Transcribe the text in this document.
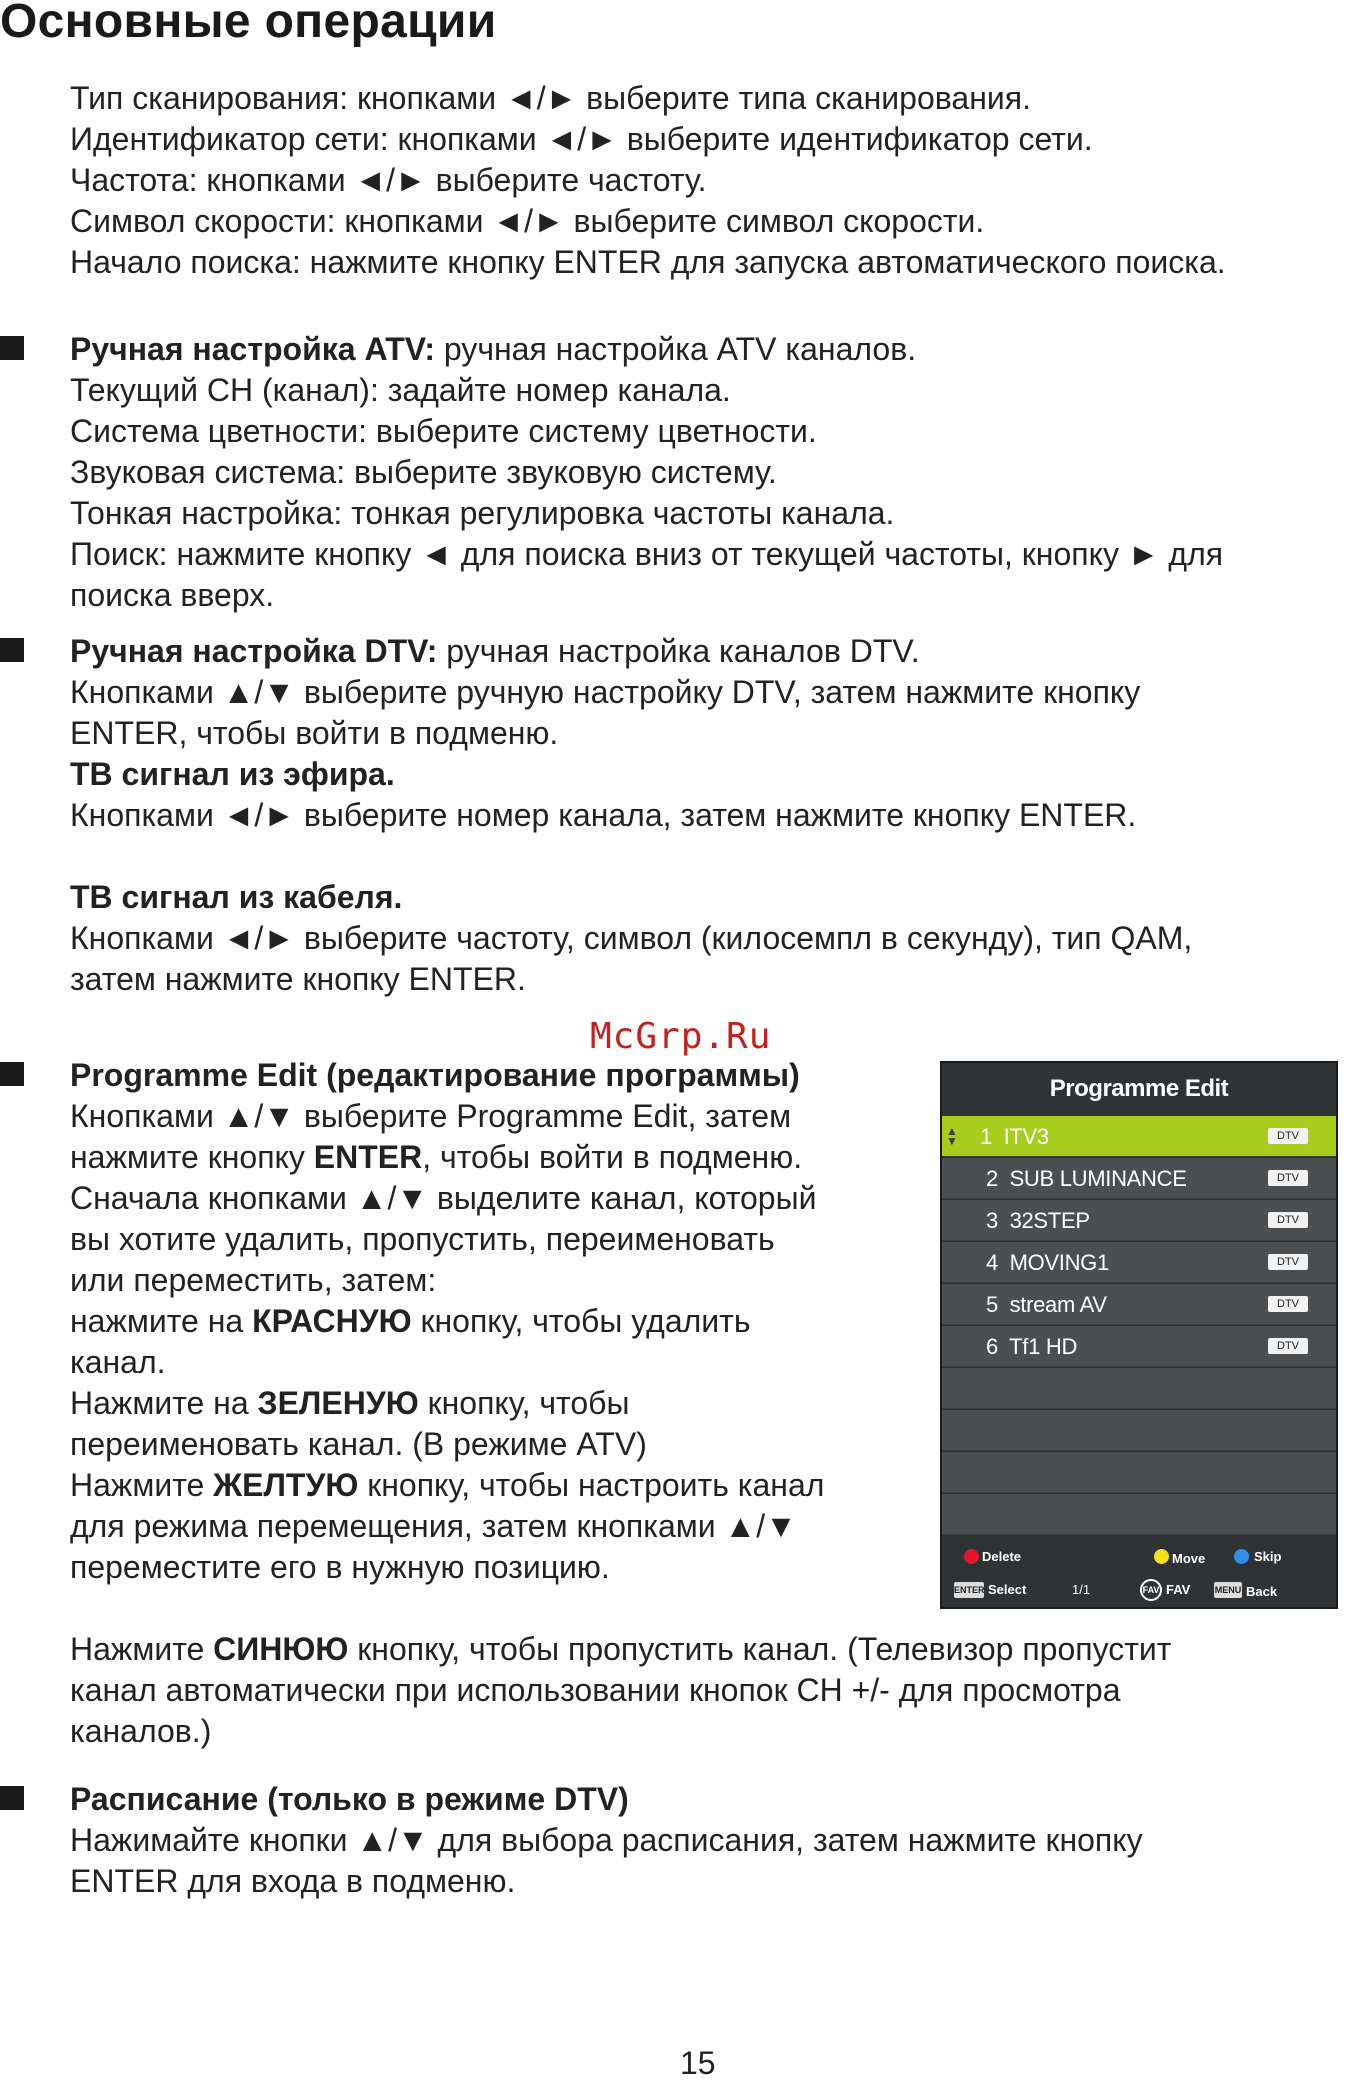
Основные операции
Тип сканирования: кнопками ◄/► выберите типа сканирования.
Идентификатор сети: кнопками ◄/► выберите идентификатор сети.
Частота: кнопками ◄/► выберите частоту.
Символ скорости: кнопками ◄/► выберите символ скорости.
Начало поиска: нажмите кнопку ENTER для запуска автоматического поиска.
Ручная настройка ATV: ручная настройка ATV каналов.
Текущий CH (канал): задайте номер канала.
Система цветности: выберите систему цветности.
Звуковая система: выберите звуковую систему.
Тонкая настройка: тонкая регулировка частоты канала.
Поиск: нажмите кнопку ◄ для поиска вниз от текущей частоты, кнопку ► для
поиска вверх.
Ручная настройка DTV: ручная настройка каналов DTV.
Кнопками ▲/▼ выберите ручную настройку DTV, затем нажмите кнопку
ENTER, чтобы войти в подменю.
ТВ сигнал из эфира.
Кнопками ◄/► выберите номер канала, затем нажмите кнопку ENTER.
ТВ сигнал из кабеля.
Кнопками ◄/► выберите частоту, символ (килосемпл в секунду), тип QAM,
затем нажмите кнопку ENTER.
McGrp.Ru
Programme Edit (редактирование программы)
Кнопками ▲/▼ выберите Programme Edit, затем
нажмите кнопку ENTER, чтобы войти в подменю.
Сначала кнопками ▲/▼ выделите канал, который
вы хотите удалить, пропустить, переименовать
или переместить, затем:
нажмите на КРАСНУЮ кнопку, чтобы удалить
канал.
Нажмите на ЗЕЛЕНУЮ кнопку, чтобы
переименовать канал. (В режиме ATV)
Нажмите ЖЕЛТУЮ кнопку, чтобы настроить канал
для режима перемещения, затем кнопками ▲/▼
переместите его в нужную позицию.
Нажмите СИНЮЮ кнопку, чтобы пропустить канал. (Телевизор пропустит
канал автоматически при использовании кнопок CH +/- для просмотра
каналов.)
Programme Edit
▲
▼ 1 ITV3	DTV
2 SUB LUMINANCE	DTV
3 32STEP	DTV
4 MOVING1	DTV
5 stream AV	DTV
6 Tf1 HD	DTV
Delete	Move	Skip
ENTER Select	1/1	FAV FAV	MENU Back
Расписание (только в режиме DTV)
Нажимайте кнопки ▲/▼ для выбора расписания, затем нажмите кнопку
ENTER для входа в подменю.
15
